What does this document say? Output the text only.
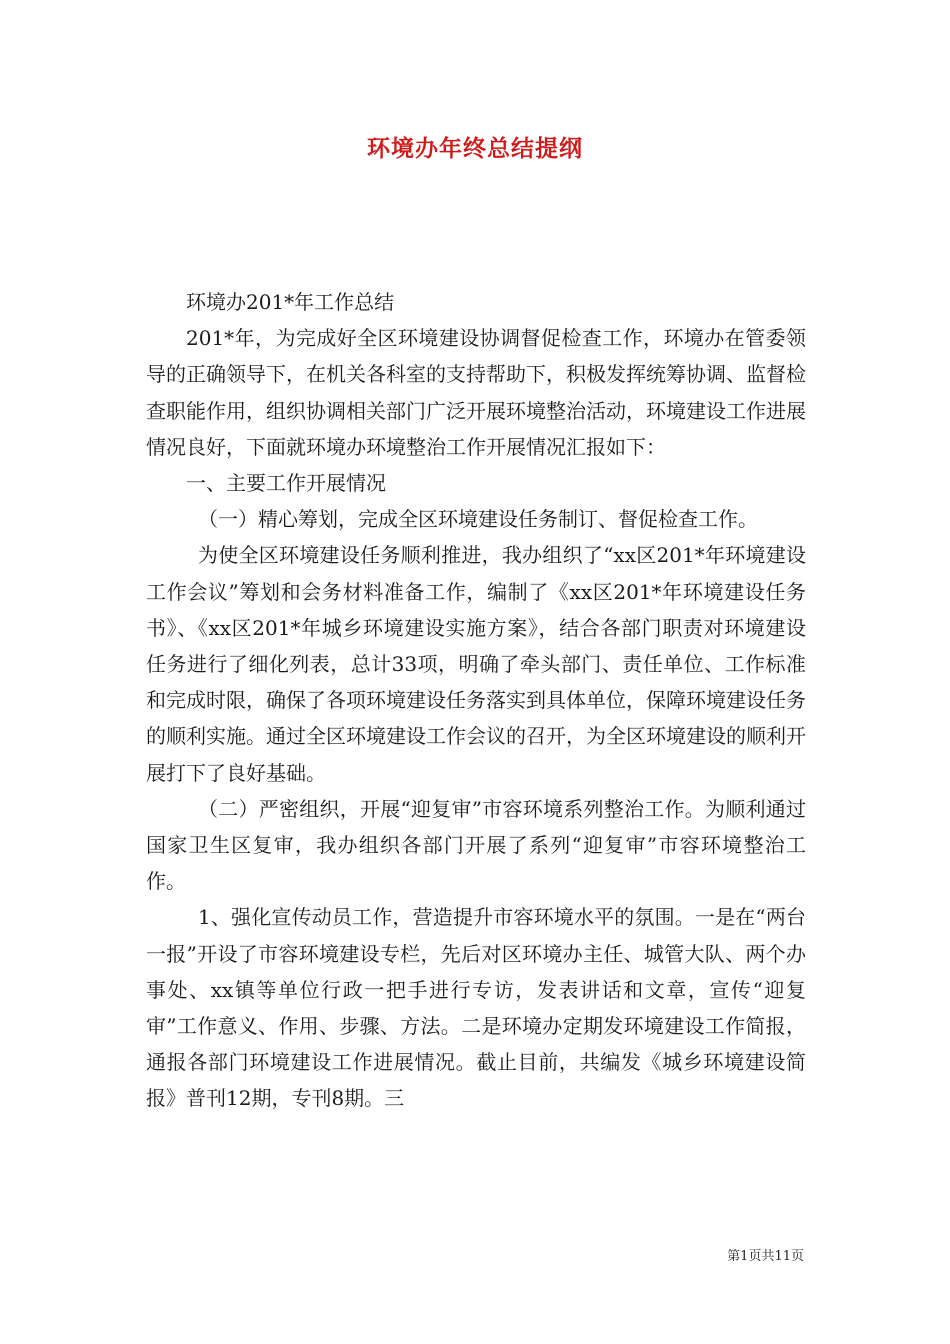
环境办年终总结提纲

环境办201*年工作总结

201*年，为完成好全区环境建设协调督促检查工作，环境办在管委领导的正确领导下，在机关各科室的支持帮助下，积极发挥统筹协调、监督检查职能作用，组织协调相关部门广泛开展环境整治活动，环境建设工作进展情况良好，下面就环境办环境整治工作开展情况汇报如下：

一、主要工作开展情况

（一）精心筹划，完成全区环境建设任务制订、督促检查工作。

为使全区环境建设任务顺利推进，我办组织了“xx区201*年环境建设工作会议”筹划和会务材料准备工作，编制了《xx区201*年环境建设任务书》、《xx区201*年城乡环境建设实施方案》，结合各部门职责对环境建设任务进行了细化列表，总计33项，明确了牵头部门、责任单位、工作标准和完成时限，确保了各项环境建设任务落实到具体单位，保障环境建设任务的顺利实施。通过全区环境建设工作会议的召开，为全区环境建设的顺利开展打下了良好基础。

（二）严密组织，开展“迎复审”市容环境系列整治工作。为顺利通过国家卫生区复审，我办组织各部门开展了系列“迎复审”市容环境整治工作。

1、强化宣传动员工作，营造提升市容环境水平的氛围。一是在“两台一报”开设了市容环境建设专栏，先后对区环境办主任、城管大队、两个办事处、xx镇等单位行政一把手进行专访，发表讲话和文章，宣传“迎复审”工作意义、作用、步骤、方法。二是环境办定期发环境建设工作简报，通报各部门环境建设工作进展情况。截止目前，共编发《城乡环境建设简报》普刊12期，专刊8期。三

第1页共11页
